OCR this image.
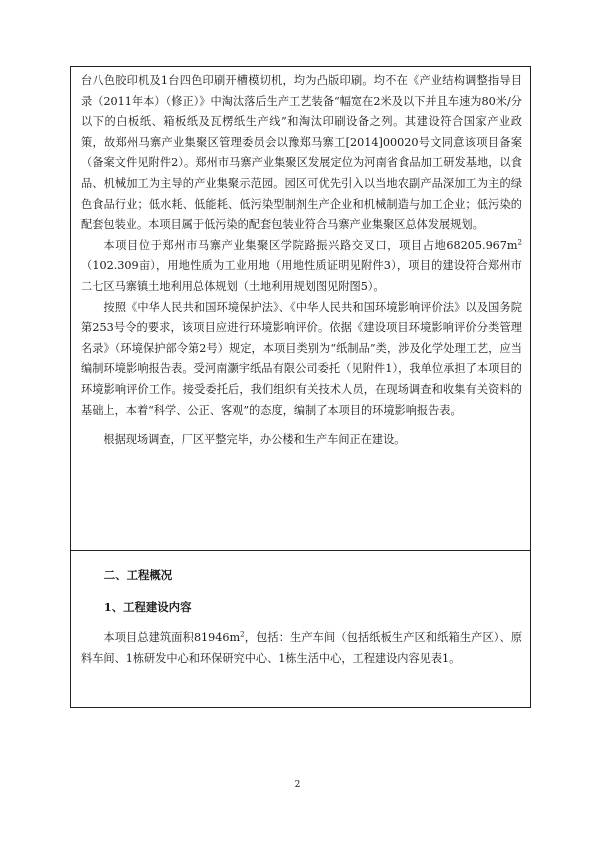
台八色胶印机及1台四色印刷开槽模切机，均为凸版印刷。均不在《产业结构调整指导目录（2011年本）（修正）》中淘汰落后生产工艺装备“幅宽在2米及以下并且车速为80米/分以下的白板纸、箱板纸及瓦楞纸生产线”和淘汰印刷设备之列。其建设符合国家产业政策，故郑州马寨产业集聚区管理委员会以豫郑马寨工[2014]00020号文同意该项目备案（备案文件见附件2）。郑州市马寨产业集聚区发展定位为河南省食品加工研发基地，以食品、机械加工为主导的产业集聚示范园。园区可优先引入以当地农副产品深加工为主的绿色食品行业；低水耗、低能耗、低污染型制剂生产企业和机械制造与加工企业；低污染的配套包装业。本项目属于低污染的配套包装业符合马寨产业集聚区总体发展规划。

本项目位于郑州市马寨产业集聚区学院路振兴路交叉口，项目占地$68205.967m^2(102.309$亩），用地性质为工业用地（用地性质证明见附件3），项目的建设符合郑州市二七区马寨镇土地利用总体规划（土地利用规划图见附图5）。

按照《中华人民共和国环境保护法》、《中华人民共和国环境影响评价法》以及国务院第253号令的要求，该项目应进行环境影响评价。依据《建设项目环境影响评价分类管理名录》（环境保护部令第2号）规定，本项目类别为“纸制品”类，涉及化学处理工艺，应当编制环境影响报告表。受河南灏宇纸品有限公司委托（见附件1），我单位承担了本项目的环境影响评价工作。接受委托后，我们组织有关技术人员，在现场调查和收集有关资料的基础上，本着“科学、公正、客观”的态度，编制了本项目的环境影响报告表。

根据现场调查，厂区平整完毕，办公楼和生产车间正在建设。

二、工程概况

1、工程建设内容

本项目总建筑面积$81946m^2$，包括：生产车间（包括纸板生产区和纸箱生产区）、原料车间、1栋研发中心和环保研究中心、1栋生活中心，工程建设内容见表1。

2
